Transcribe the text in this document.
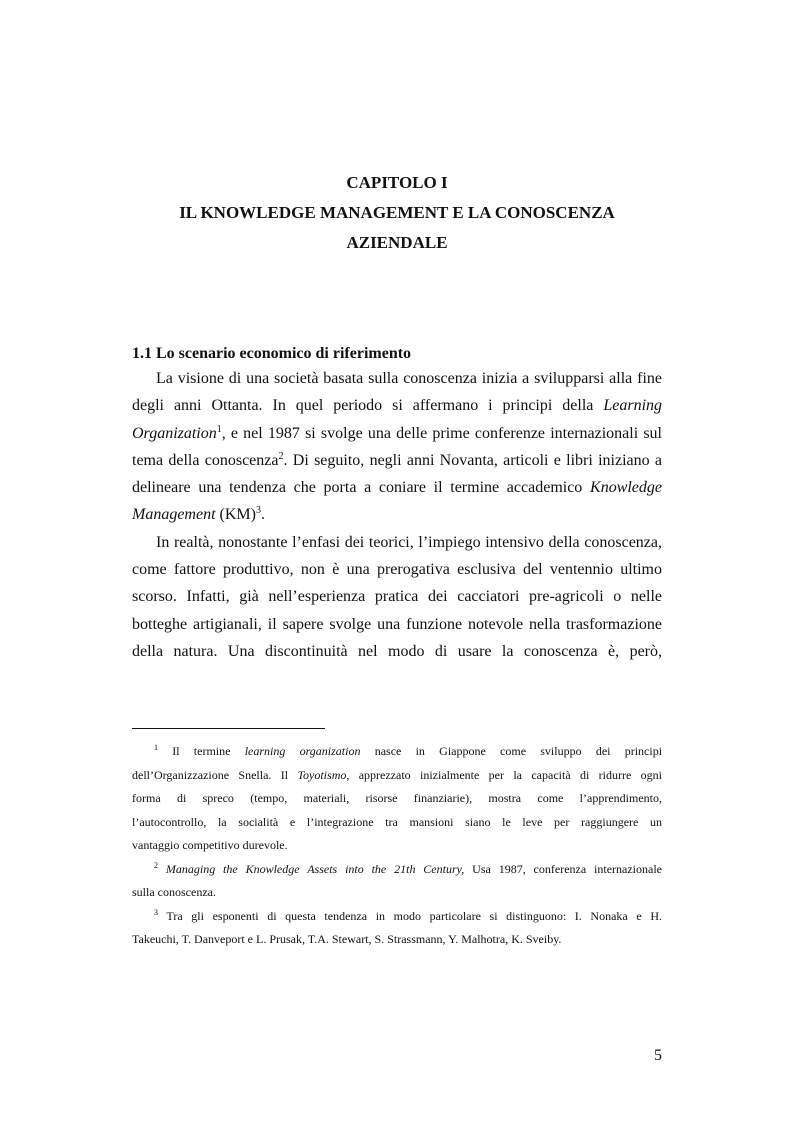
CAPITOLO I
IL KNOWLEDGE MANAGEMENT E LA CONOSCENZA
AZIENDALE
1.1 Lo scenario economico di riferimento
La visione di una società basata sulla conoscenza inizia a svilupparsi alla fine
degli anni Ottanta. In quel periodo si affermano i principi della Learning
Organization$^1$, e nel 1987 si svolge una delle prime conferenze internazionali sul
tema della conoscenza$^2$. Di seguito, negli anni Novanta, articoli e libri iniziano a
delineare una tendenza che porta a coniare il termine accademico Knowledge
Management (KM)$^3$.
In realtà, nonostante l’enfasi dei teorici, l’impiego intensivo della conoscenza,
come fattore produttivo, non è una prerogativa esclusiva del ventennio ultimo
scorso. Infatti, già nell’esperienza pratica dei cacciatori pre-agricoli o nelle
botteghe artigianali, il sapere svolge una funzione notevole nella trasformazione
della natura. Una discontinuità nel modo di usare la conoscenza è, però,
$^1$ Il termine learning organization nasce in Giappone come sviluppo dei principi
dell’Organizzazione Snella. Il Toyotismo, apprezzato inizialmente per la capacità di ridurre ogni
forma di spreco (tempo, materiali, risorse finanziarie), mostra come l’apprendimento,
l’autocontrollo, la socialità e l’integrazione tra mansioni siano le leve per raggiungere un
vantaggio competitivo durevole.
$^2$ Managing the Knowledge Assets into the 21th Century, Usa 1987, conferenza internazionale
sulla conoscenza.
$^3$ Tra gli esponenti di questa tendenza in modo particolare si distinguono: I. Nonaka e H.
Takeuchi, T. Danveport e L. Prusak, T.A. Stewart, S. Strassmann, Y. Malhotra, K. Sveiby.
5
